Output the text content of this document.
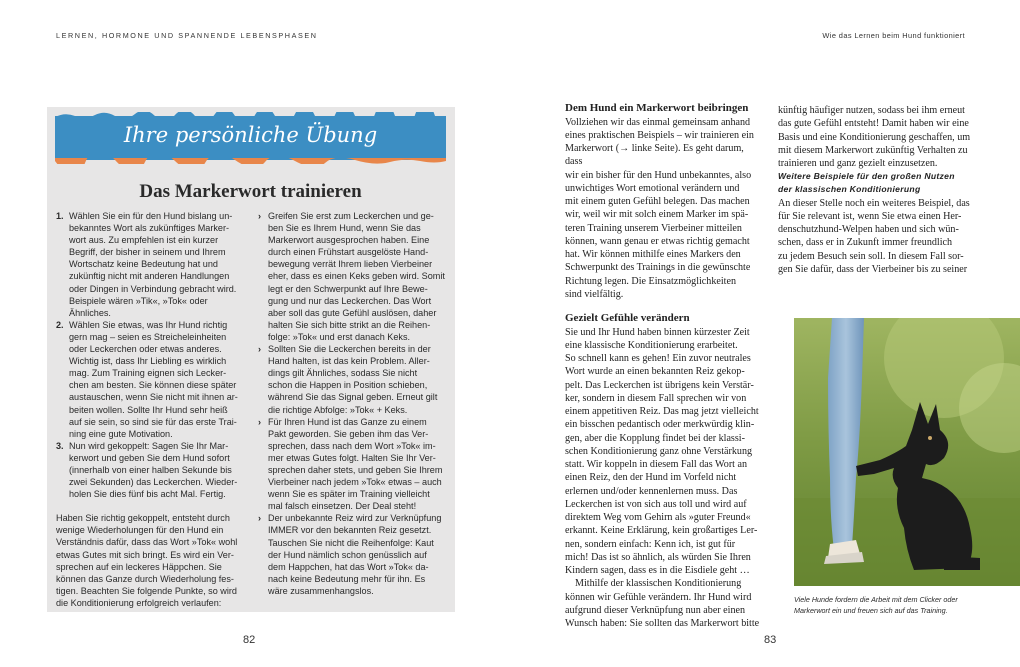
LERNEN, HORMONE UND SPANNENDE LEBENSPHASEN	Wie das Lernen beim Hund funktioniert
Ihre persönliche Übung
Das Markerwort trainieren
1. Wählen Sie ein für den Hund bislang un-

bekanntes Wort als zukünftiges Marker-

wort aus. Zu empfehlen ist ein kurzer

Begriff, der bisher in seinem und Ihrem

Wortschatz keine Bedeutung hat und

zukünftig nicht mit anderen Handlungen

oder Dingen in Verbindung gebracht wird.

Beispiele wären »Tik«, »Tok« oder Ähnliches.

2. Wählen Sie etwas, was Ihr Hund richtig

gern mag – seien es Streicheleinheiten

oder Leckerchen oder etwas anderes.

Wichtig ist, dass Ihr Liebling es wirklich

mag. Zum Training eignen sich Lecker-

chen am besten. Sie können diese später

austauschen, wenn Sie nicht mit ihnen ar-

beiten wollen. Sollte Ihr Hund sehr heiß

auf sie sein, so sind sie für das erste Trai-

ning eine gute Motivation.

3. Nun wird gekoppelt: Sagen Sie Ihr Mar-

kerwort und geben Sie dem Hund sofort

(innerhalb von einer halben Sekunde bis

zwei Sekunden) das Leckerchen. Wieder-

holen Sie dies fünf bis acht Mal. Fertig.

Haben Sie richtig gekoppelt, entsteht durch

wenige Wiederholungen für den Hund ein

Verständnis dafür, dass das Wort »Tok« wohl

etwas Gutes mit sich bringt. Es wird ein Ver-

sprechen auf ein leckeres Häppchen. Sie

können das Ganze durch Wiederholung fes-

tigen. Beachten Sie folgende Punkte, so wird

die Konditionierung erfolgreich verlaufen:

› Greifen Sie erst zum Leckerchen und ge-

ben Sie es Ihrem Hund, wenn Sie das

Markerwort ausgesprochen haben. Eine

durch einen Frühstart ausgelöste Hand-

bewegung verrät Ihrem lieben Vierbeiner

eher, dass es einen Keks geben wird. Somit

legt er den Schwerpunkt auf Ihre Bewe-

gung und nur das Leckerchen. Das Wort

aber soll das gute Gefühl auslösen, daher

halten Sie sich bitte strikt an die Reihen-

folge: »Tok« und erst danach Keks.

› Sollten Sie die Leckerchen bereits in der

Hand halten, ist das kein Problem. Aller-

dings gilt Ähnliches, sodass Sie nicht

schon die Happen in Position schieben,

während Sie das Signal geben. Erneut gilt

die richtige Abfolge: »Tok« + Keks.

› Für Ihren Hund ist das Ganze zu einem

Pakt geworden. Sie geben ihm das Ver-

sprechen, dass nach dem Wort »Tok« im-

mer etwas Gutes folgt. Halten Sie Ihr Ver-

sprechen daher stets, und geben Sie Ihrem

Vierbeiner nach jedem »Tok« etwas – auch

wenn Sie es später im Training vielleicht

mal falsch einsetzen. Der Deal steht!

› Der unbekannte Reiz wird zur Verknüpfung

IMMER vor den bekannten Reiz gesetzt.

Tauschen Sie nicht die Reihenfolge: Kaut

der Hund nämlich schon genüsslich auf

dem Happchen, hat das Wort »Tok« da-

nach keine Bedeutung mehr für ihn. Es

wäre zusammenhangslos.

Dem Hund ein Markerwort beibringen

Vollziehen wir das einmal gemeinsam anhand

eines praktischen Beispiels – wir trainieren ein

Markerwort (→ linke Seite). Es geht darum, dass

wir ein bisher für den Hund unbekanntes, also

unwichtiges Wort emotional verändern und

mit einem guten Gefühl belegen. Das machen

wir, weil wir mit solch einem Marker im spä-

teren Training unserem Vierbeiner mitteilen

können, wann genau er etwas richtig gemacht

hat. Wir können mithilfe eines Markers den

Schwerpunkt des Trainings in die gewünschte

Richtung legen. Die Einsatzmöglichkeiten

sind vielfältig.

Gezielt Gefühle verändern

Sie und Ihr Hund haben binnen kürzester Zeit

eine klassische Konditionierung erarbeitet.

So schnell kann es gehen! Ein zuvor neutrales

Wort wurde an einen bekannten Reiz gekop-

pelt. Das Leckerchen ist übrigens kein Verstär-

ker, sondern in diesem Fall sprechen wir von

einem appetitiven Reiz. Das mag jetzt vielleicht

ein bisschen pedantisch oder merkwürdig klin-

gen, aber die Kopplung findet bei der klassi-

schen Konditionierung ganz ohne Verstärkung

statt. Wir koppeln in diesem Fall das Wort an

einen Reiz, den der Hund im Vorfeld nicht

erlernen und/oder kennenlernen muss. Das

Leckerchen ist von sich aus toll und wird auf

direktem Weg vom Gehirn als »guter Freund«

erkannt. Keine Erklärung, kein großartiges Ler-

nen, sondern einfach: Kenn ich, ist gut für

mich! Das ist so ähnlich, als würden Sie Ihren

Kindern sagen, dass es in die Eisdiele geht …

Mithilfe der klassischen Konditionierung

können wir Gefühle verändern. Ihr Hund wird

aufgrund dieser Verknüpfung nun aber einen

Wunsch haben: Sie sollten das Markerwort bitte

künftig häufiger nutzen, sodass bei ihm erneut

das gute Gefühl entsteht! Damit haben wir eine

Basis und eine Konditionierung geschaffen, um

mit diesem Markerwort zukünftig Verhalten zu

trainieren und ganz gezielt einzusetzen.

Weitere Beispiele für den großen Nutzen

der klassischen Konditionierung

An dieser Stelle noch ein weiteres Beispiel, das

für Sie relevant ist, wenn Sie etwa einen Her-

denschutzhund-Welpen haben und sich wün-

schen, dass er in Zukunft immer freundlich

zu jedem Besuch sein soll. In diesem Fall sor-

gen Sie dafür, dass der Vierbeiner bis zu seiner

Viele Hunde fordern die Arbeit mit dem Clicker oder
Markerwort ein und freuen sich auf das Training.
82	83
